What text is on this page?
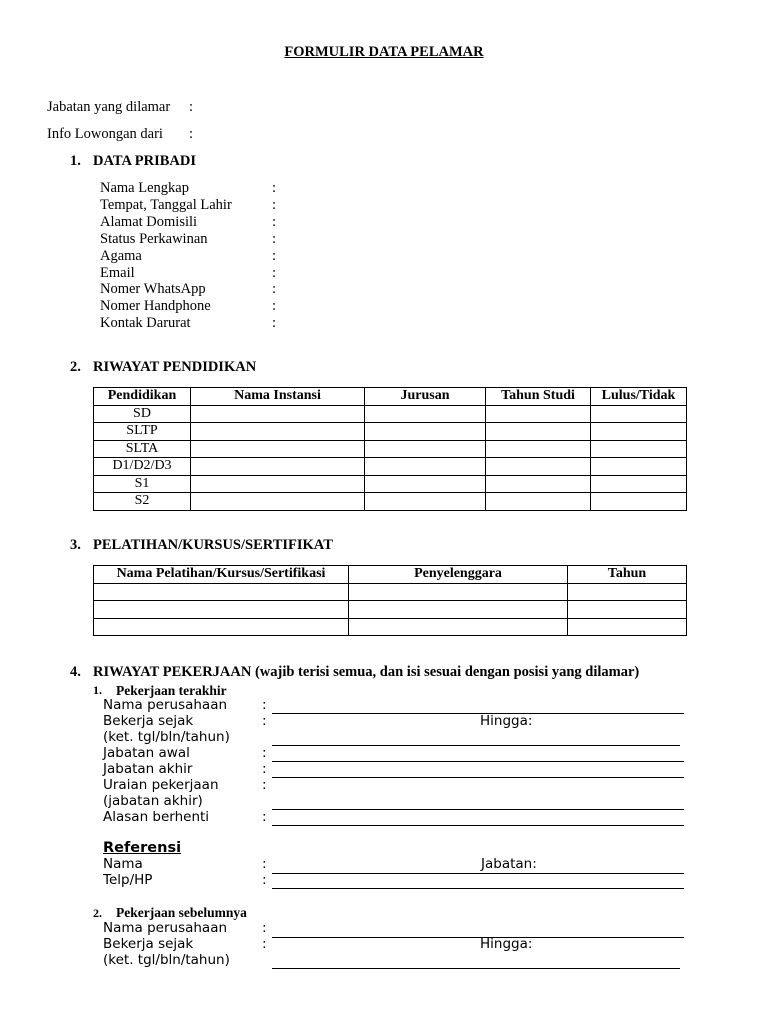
FORMULIR DATA PELAMAR
Jabatan yang dilamar :
Info Lowongan dari :
1. DATA PRIBADI
Nama Lengkap	:
Tempat, Tanggal Lahir	:
Alamat Domisili	:
Status Perkawinan	:
Agama	:
Email	:
Nomer WhatsApp	:
Nomer Handphone	:
Kontak Darurat	:
2. RIWAYAT PENDIDIKAN
Pendidikan	Nama Instansi	Jurusan	Tahun Studi	Lulus/Tidak
SD				
SLTP				
SLTA				
D1/D2/D3				
S1				
S2				
3. PELATIHAN/KURSUS/SERTIFIKAT
Nama Pelatihan/Kursus/Sertifikasi	Penyelenggara	Tahun

4. RIWAYAT PEKERJAAN (wajib terisi semua, dan isi sesuai dengan posisi yang dilamar)
1. Pekerjaan terakhir
Nama perusahaan	:
Bekerja sejak	:	Hingga:
(ket. tgl/bln/tahun)
Jabatan awal	:
Jabatan akhir	:
Uraian pekerjaan	:
(jabatan akhir)
Alasan berhenti	:
Referensi
Nama	:	Jabatan:
Telp/HP	:
2. Pekerjaan sebelumnya
Nama perusahaan	:
Bekerja sejak	:	Hingga:
(ket. tgl/bln/tahun)
